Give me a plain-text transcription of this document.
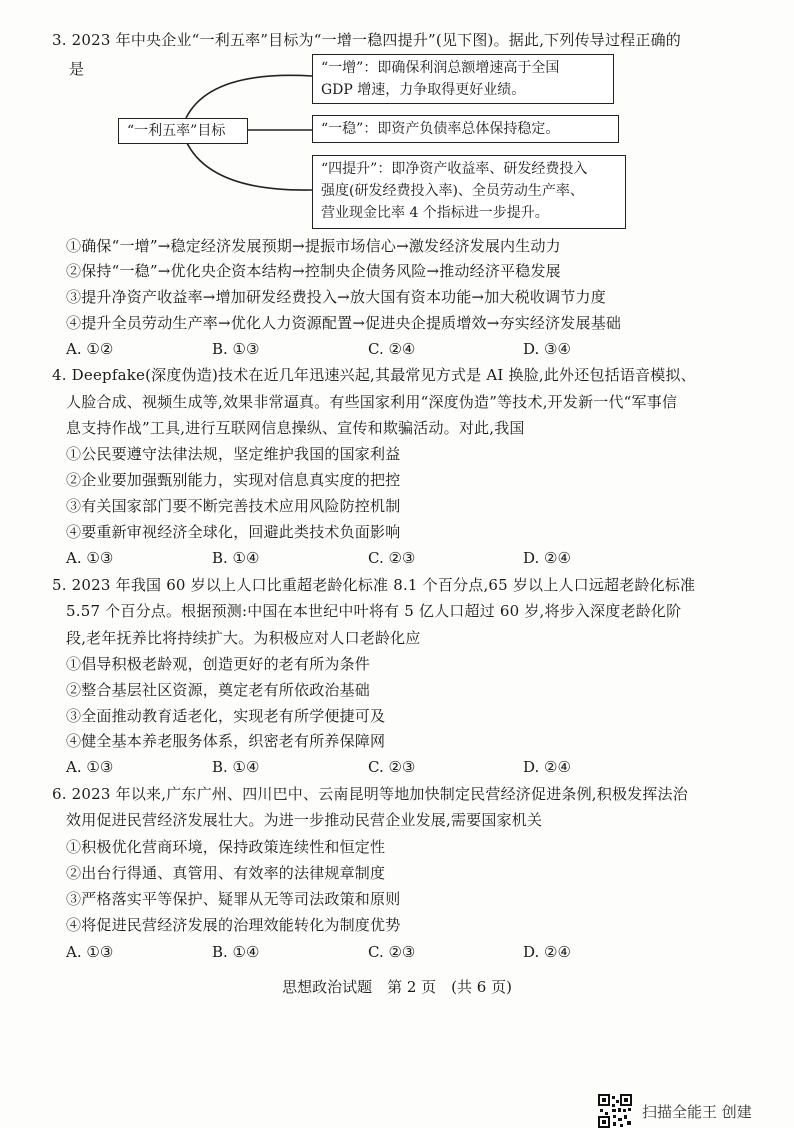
3. 2023 年中央企业“一利五率”目标为“一增一稳四提升”(见下图)。据此,下列传导过程正确的
是
“一利五率”目标
“一增”：即确保利润总额增速高于全国
GDP 增速，力争取得更好业绩。
“一稳”：即资产负债率总体保持稳定。
“四提升”：即净资产收益率、研发经费投入
强度(研发经费投入率)、全员劳动生产率、
营业现金比率 4 个指标进一步提升。
①确保“一增”→稳定经济发展预期→提振市场信心→激发经济发展内生动力
②保持“一稳”→优化央企资本结构→控制央企债务风险→推动经济平稳发展
③提升净资产收益率→增加研发经费投入→放大国有资本功能→加大税收调节力度
④提升全员劳动生产率→优化人力资源配置→促进央企提质增效→夯实经济发展基础
A. ①②	B. ①③	C. ②④	D. ③④
4. Deepfake(深度伪造)技术在近几年迅速兴起,其最常见方式是 AI 换脸,此外还包括语音模拟、
人脸合成、视频生成等,效果非常逼真。有些国家利用“深度伪造”等技术,开发新一代“军事信
息支持作战”工具,进行互联网信息操纵、宣传和欺骗活动。对此,我国
①公民要遵守法律法规，坚定维护我国的国家利益
②企业要加强甄别能力，实现对信息真实度的把控
③有关国家部门要不断完善技术应用风险防控机制
④要重新审视经济全球化，回避此类技术负面影响
A. ①③	B. ①④	C. ②③	D. ②④
5. 2023 年我国 60 岁以上人口比重超老龄化标准 8.1 个百分点,65 岁以上人口远超老龄化标准
5.57 个百分点。根据预测:中国在本世纪中叶将有 5 亿人口超过 60 岁,将步入深度老龄化阶
段,老年抚养比将持续扩大。为积极应对人口老龄化应
①倡导积极老龄观，创造更好的老有所为条件
②整合基层社区资源，奠定老有所依政治基础
③全面推动教育适老化，实现老有所学便捷可及
④健全基本养老服务体系，织密老有所养保障网
A. ①③	B. ①④	C. ②③	D. ②④
6. 2023 年以来,广东广州、四川巴中、云南昆明等地加快制定民营经济促进条例,积极发挥法治
效用促进民营经济发展壮大。为进一步推动民营企业发展,需要国家机关
①积极优化营商环境，保持政策连续性和恒定性
②出台行得通、真管用、有效率的法律规章制度
③严格落实平等保护、疑罪从无等司法政策和原则
④将促进民营经济发展的治理效能转化为制度优势
A. ①③	B. ①④	C. ②③	D. ②④
思想政治试题　第 2 页　(共 6 页)
扫描全能王 创建
